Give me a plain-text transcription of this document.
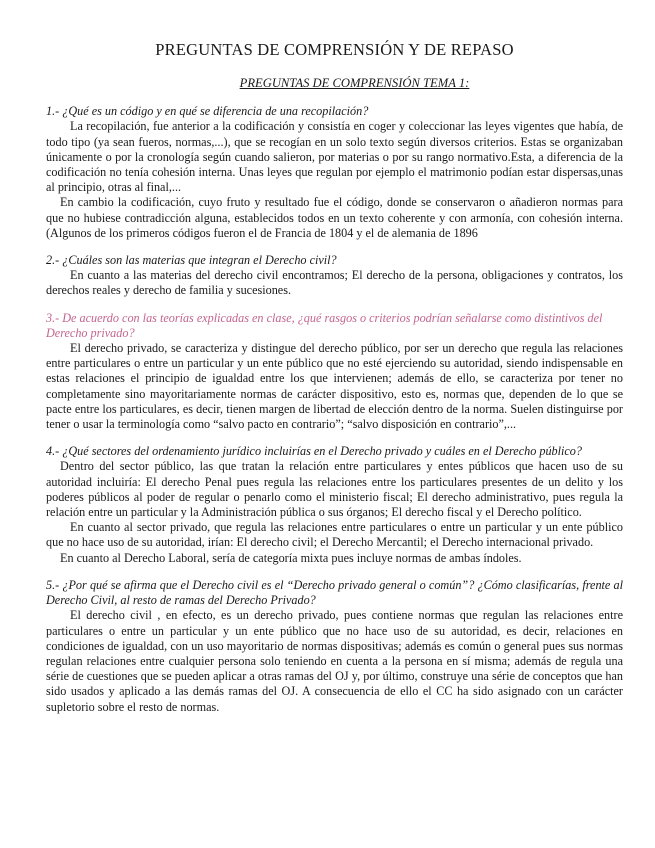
PREGUNTAS DE COMPRENSIÓN Y DE REPASO
PREGUNTAS DE COMPRENSIÓN TEMA 1:

1.- ¿Qué es un código y en qué se diferencia de una recopilación?

La recopilación, fue anterior a la codificación y consistía en coger y coleccionar las leyes vigentes que había, de todo tipo (ya sean fueros, normas,...), que se recogían en un solo texto según diversos criterios. Estas se organizaban únicamente o por la cronología según cuando salieron, por materias o por su rango normativo.Esta, a diferencia de la codificación no tenía cohesión interna. Unas leyes que regulan por ejemplo el matrimonio podían estar dispersas,unas al principio, otras al final,...

En cambio la codificación, cuyo fruto y resultado fue el código, donde se conservaron o añadieron normas para que no hubiese contradicción alguna, establecidos todos en un texto coherente y con armonía, con cohesión interna. (Algunos de los primeros códigos fueron el de Francia de 1804 y el de alemania de 1896

2.- ¿Cuáles son las materias que integran el Derecho civil?

En cuanto a las materias del derecho civil encontramos; El derecho de la persona, obligaciones y contratos, los derechos reales y derecho de familia y sucesiones.

3.- De acuerdo con las teorías explicadas en clase, ¿qué rasgos o criterios podrían señalarse como distintivos del Derecho privado?

El derecho privado, se caracteriza y distingue del derecho público, por ser un derecho que regula las relaciones entre particulares o entre un particular y un ente público que no esté ejerciendo su autoridad, siendo indispensable en estas relaciones el principio de igualdad entre los que intervienen; además de ello, se caracteriza por tener no completamente sino mayoritariamente normas de carácter dispositivo, esto es, normas que, dependen de lo que se pacte entre los particulares, es decir, tienen margen de libertad de elección dentro de la norma. Suelen distinguirse por tener o usar la terminología como “salvo pacto en contrario”; “salvo disposición en contrario”,...

4.- ¿Qué sectores del ordenamiento jurídico incluirías en el Derecho privado y cuáles en el Derecho público?

Dentro del sector público, las que tratan la relación entre particulares y entes públicos que hacen uso de su autoridad incluiría: El derecho Penal pues regula las relaciones entre los particulares presentes de un delito y los poderes públicos al poder de regular o penarlo como el ministerio fiscal; El derecho administrativo, pues regula la relación entre un particular y la Administración pública o sus órganos; El derecho fiscal y el Derecho político.

En cuanto al sector privado, que regula las relaciones entre particulares o entre un particular y un ente público que no hace uso de su autoridad, irían: El derecho civil; el Derecho Mercantil; el Derecho internacional privado.

En cuanto al Derecho Laboral, sería de categoría mixta pues incluye normas de ambas índoles.

5.- ¿Por qué se afirma que el Derecho civil es el “Derecho privado general o común”? ¿Cómo clasificarías, frente al Derecho Civil, al resto de ramas del Derecho Privado?

El derecho civil , en efecto, es un derecho privado, pues contiene normas que regulan las relaciones entre particulares o entre un particular y un ente público que no hace uso de su autoridad, es decir, relaciones en condiciones de igualdad, con un uso mayoritario de normas dispositivas; además es común o general pues sus normas regulan relaciones entre cualquier persona solo teniendo en cuenta a la persona en sí misma; además de regula una série de cuestiones que se pueden aplicar a otras ramas del OJ y, por último, construye una série de conceptos que han sido usados y aplicado a las demás ramas del OJ. A consecuencia de ello el CC ha sido asignado con un carácter supletorio sobre el resto de normas.
